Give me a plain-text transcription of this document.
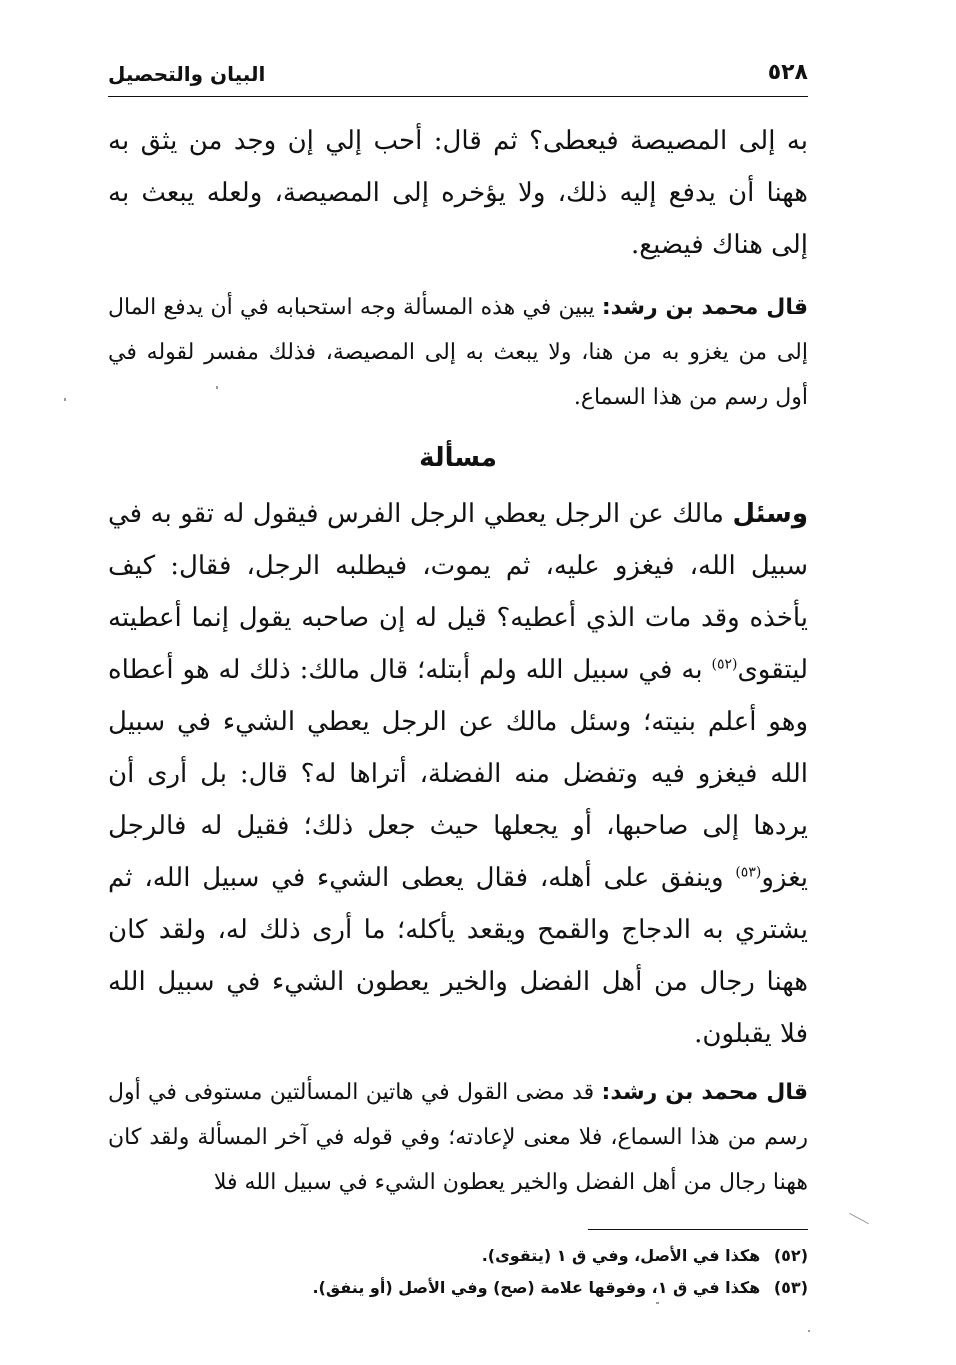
٥٢٨
البيان والتحصيل

به إلى المصيصة فيعطى؟ ثم قال: أحب إلي إن وجد من يثق به ههنا أن يدفع إليه ذلك، ولا يؤخره إلى المصيصة، ولعله يبعث به إلى هناك فيضيع.

قال محمد بن رشد: يبين في هذه المسألة وجه استحبابه في أن يدفع المال إلى من يغزو به من هنا، ولا يبعث به إلى المصيصة، فذلك مفسر لقوله في أول رسم من هذا السماع.

مسألة

وسئل مالك عن الرجل يعطي الرجل الفرس فيقول له تقو به في سبيل الله، فيغزو عليه، ثم يموت، فيطلبه الرجل، فقال: كيف يأخذه وقد مات الذي أعطيه؟ قيل له إن صاحبه يقول إنما أعطيته ليتقوى$^{(٥٢)}$ به في سبيل الله ولم أبتله؛ قال مالك: ذلك له هو أعطاه وهو أعلم بنيته؛ وسئل مالك عن الرجل يعطي الشيء في سبيل الله فيغزو فيه وتفضل منه الفضلة، أتراها له؟ قال: بل أرى أن يردها إلى صاحبها، أو يجعلها حيث جعل ذلك؛ فقيل له فالرجل يغزو$^{(٥٣)}$ وينفق على أهله، فقال يعطى الشيء في سبيل الله، ثم يشتري به الدجاج والقمح ويقعد يأكله؛ ما أرى ذلك له، ولقد كان ههنا رجال من أهل الفضل والخير يعطون الشيء في سبيل الله فلا يقبلون.

قال محمد بن رشد: قد مضى القول في هاتين المسألتين مستوفى في أول رسم من هذا السماع، فلا معنى لإعادته؛ وفي قوله في آخر المسألة ولقد كان ههنا رجال من أهل الفضل والخير يعطون الشيء في سبيل الله فلا

(٥٢) هكذا في الأصل، وفي ق ١ (يتقوى).

(٥٣) هكذا في ق ١، وفوقها علامة (صح) وفي الأصل (أو ينفق).
